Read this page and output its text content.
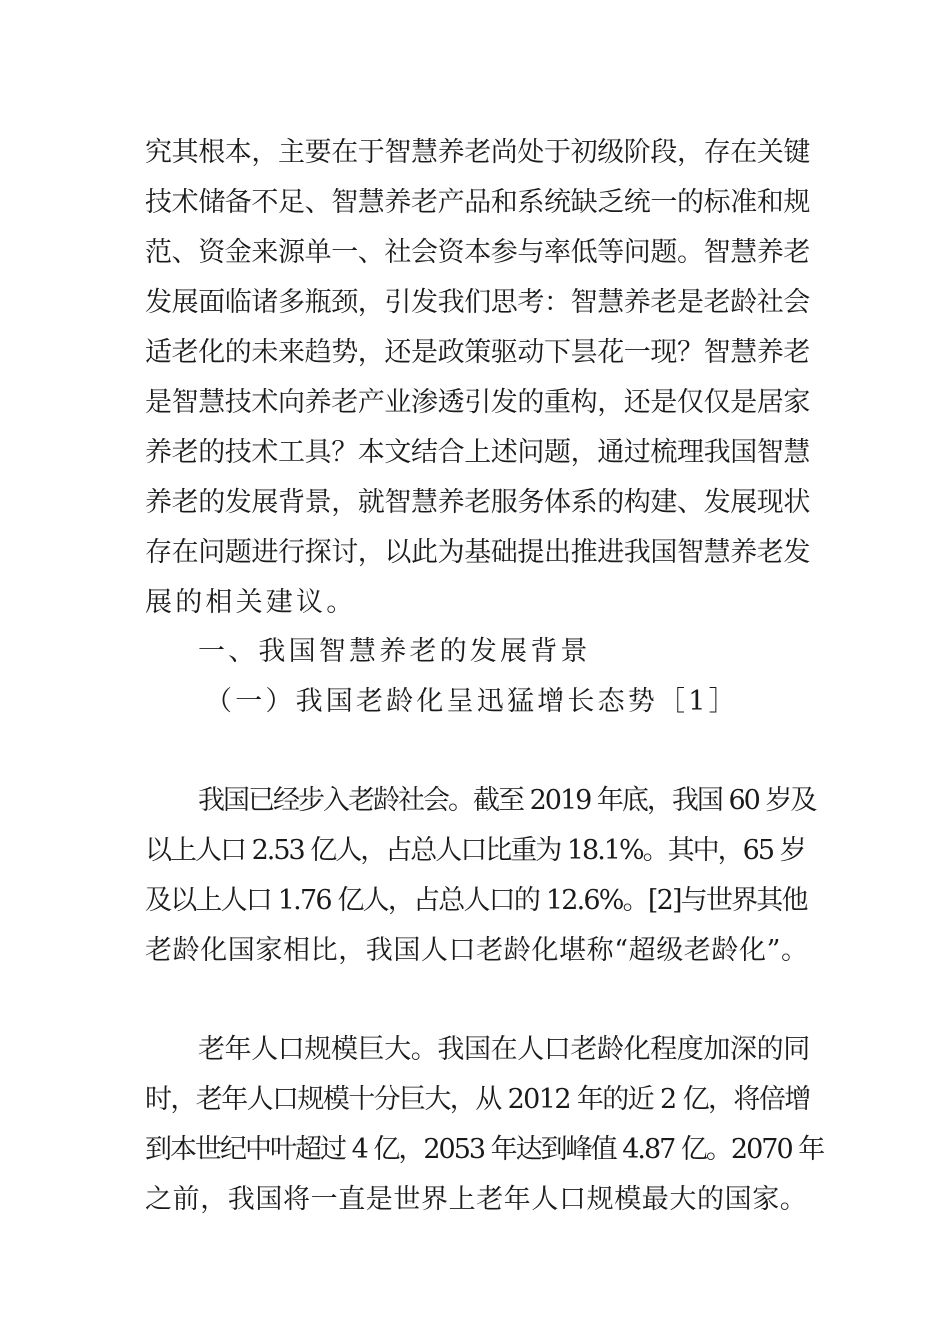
究其根本，主要在于智慧养老尚处于初级阶段，存在关键
技术储备不足、智慧养老产品和系统缺乏统一的标准和规
范、资金来源单一、社会资本参与率低等问题。智慧养老
发展面临诸多瓶颈，引发我们思考：智慧养老是老龄社会
适老化的未来趋势，还是政策驱动下昙花一现？智慧养老
是智慧技术向养老产业渗透引发的重构，还是仅仅是居家
养老的技术工具？本文结合上述问题，通过梳理我国智慧
养老的发展背景，就智慧养老服务体系的构建、发展现状
存在问题进行探讨，以此为基础提出推进我国智慧养老发
展的相关建议。
一、我国智慧养老的发展背景
（一）我国老龄化呈迅猛增长态势［1］
我国已经步入老龄社会。截至 2019 年底，我国 60 岁及
以上人口 2.53 亿人，占总人口比重为 18.1%。其中，65 岁
及以上人口 1.76 亿人，占总人口的 12.6%。[2]与世界其他
老龄化国家相比，我国人口老龄化堪称“超级老龄化”。
老年人口规模巨大。我国在人口老龄化程度加深的同
时，老年人口规模十分巨大，从 2012 年的近 2 亿，将倍增
到本世纪中叶超过 4 亿，2053 年达到峰值 4.87 亿。2070 年
之前，我国将一直是世界上老年人口规模最大的国家。
